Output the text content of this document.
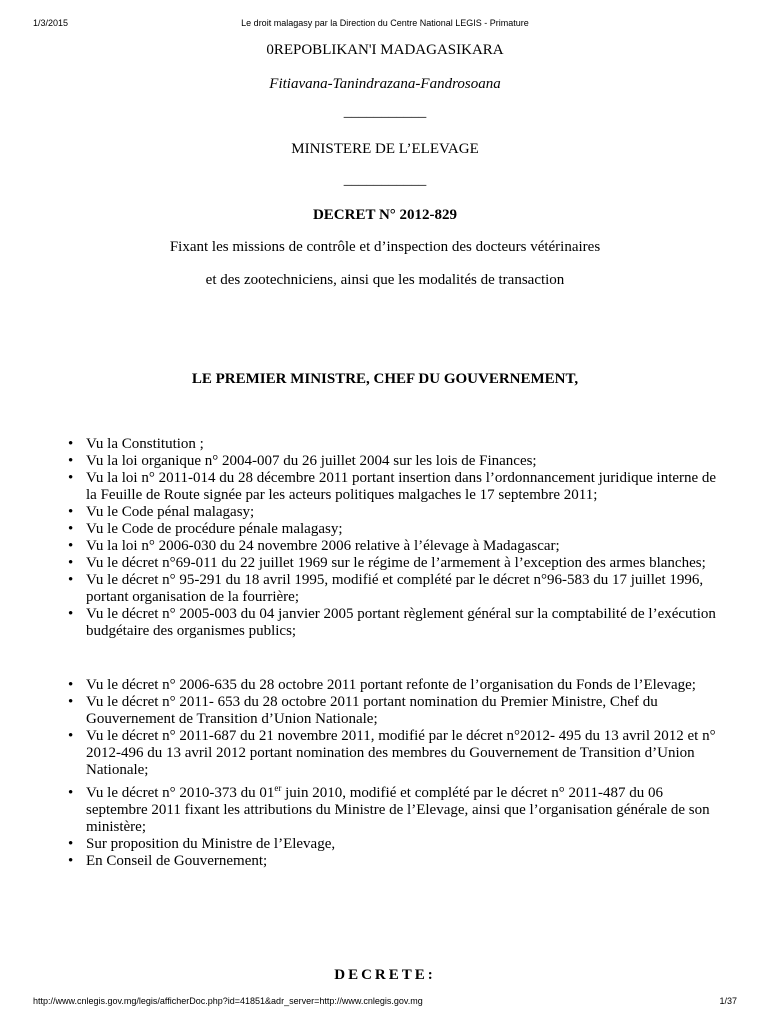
1/3/2015	Le droit malagasy par la Direction du Centre National LEGIS - Primature
0REPOBLIKAN'I MADAGASIKARA
Fitiavana-Tanindrazana-Fandrosoana
___________
MINISTERE DE L’ELEVAGE
___________
DECRET N° 2012-829
Fixant les missions de contrôle et d’inspection des docteurs vétérinaires
et des zootechniciens, ainsi que les modalités de transaction
LE PREMIER MINISTRE, CHEF DU GOUVERNEMENT,
• Vu la Constitution ;
• Vu la loi organique n° 2004-007 du 26 juillet 2004 sur les lois de Finances;
• Vu la loi n° 2011-014 du 28 décembre 2011 portant insertion dans l’ordonnancement juridique interne de la Feuille de Route signée par les acteurs politiques malgaches le 17 septembre 2011;
• Vu le Code pénal malagasy;
• Vu le Code de procédure pénale malagasy;
• Vu la loi n° 2006-030 du 24 novembre 2006 relative à l’élevage à Madagascar;
• Vu le décret n°69-011 du 22 juillet 1969 sur le régime de l’armement à l’exception des armes blanches;
• Vu le décret n° 95-291 du 18 avril 1995, modifié et complété par le décret n°96-583 du 17 juillet 1996, portant organisation de la fourrière;
• Vu le décret n° 2005-003 du 04 janvier 2005 portant règlement général sur la comptabilité de l’exécution budgétaire des organismes publics;
• Vu le décret n° 2006-635 du 28 octobre 2011 portant refonte de l’organisation du Fonds de l’Elevage;
• Vu le décret n° 2011- 653 du 28 octobre 2011 portant nomination du Premier Ministre, Chef du Gouvernement de Transition d’Union Nationale;
• Vu le décret n° 2011-687 du 21 novembre 2011, modifié par le décret n°2012- 495 du 13 avril 2012 et n° 2012-496 du 13 avril 2012 portant nomination des membres du Gouvernement de Transition d’Union Nationale;
• Vu le décret n° 2010-373 du 01er juin 2010, modifié et complété par le décret n° 2011-487 du 06 septembre 2011 fixant les attributions du Ministre de l’Elevage, ainsi que l’organisation générale de son ministère;
• Sur proposition du Ministre de l’Elevage,
• En Conseil de Gouvernement;
DECRETE:
http://www.cnlegis.gov.mg/legis/afficherDoc.php?id=41851&adr_server=http://www.cnlegis.gov.mg	1/37
